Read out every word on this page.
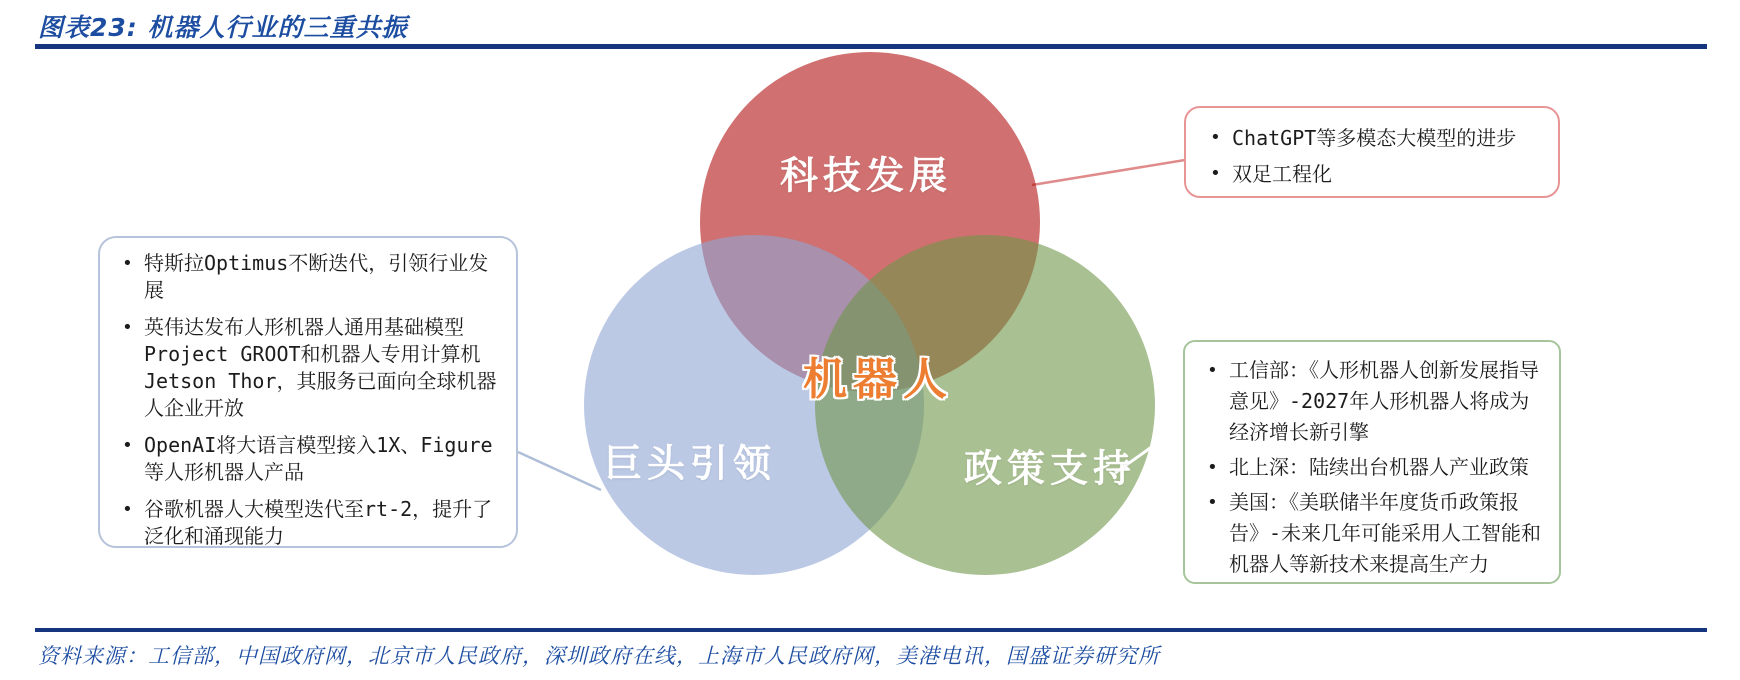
图表23: 机器人行业的三重共振
科技发展
巨头引领	政策支持
机器人
• 特斯拉Optimus不断迭代，引领行业发展
• 英伟达发布人形机器人通用基础模型Project GROOT和机器人专用计算机Jetson Thor，其服务已面向全球机器人企业开放
• OpenAI将大语言模型接入1X、Figure等人形机器人产品
• 谷歌机器人大模型迭代至rt-2，提升了泛化和涌现能力
• ChatGPT等多模态大模型的进步
• 双足工程化
• 工信部：《人形机器人创新发展指导意见》-2027年人形机器人将成为经济增长新引擎
• 北上深：陆续出台机器人产业政策
• 美国：《美联储半年度货币政策报告》-未来几年可能采用人工智能和机器人等新技术来提高生产力
资料来源：工信部，中国政府网，北京市人民政府，深圳政府在线，上海市人民政府网，美港电讯，国盛证券研究所
